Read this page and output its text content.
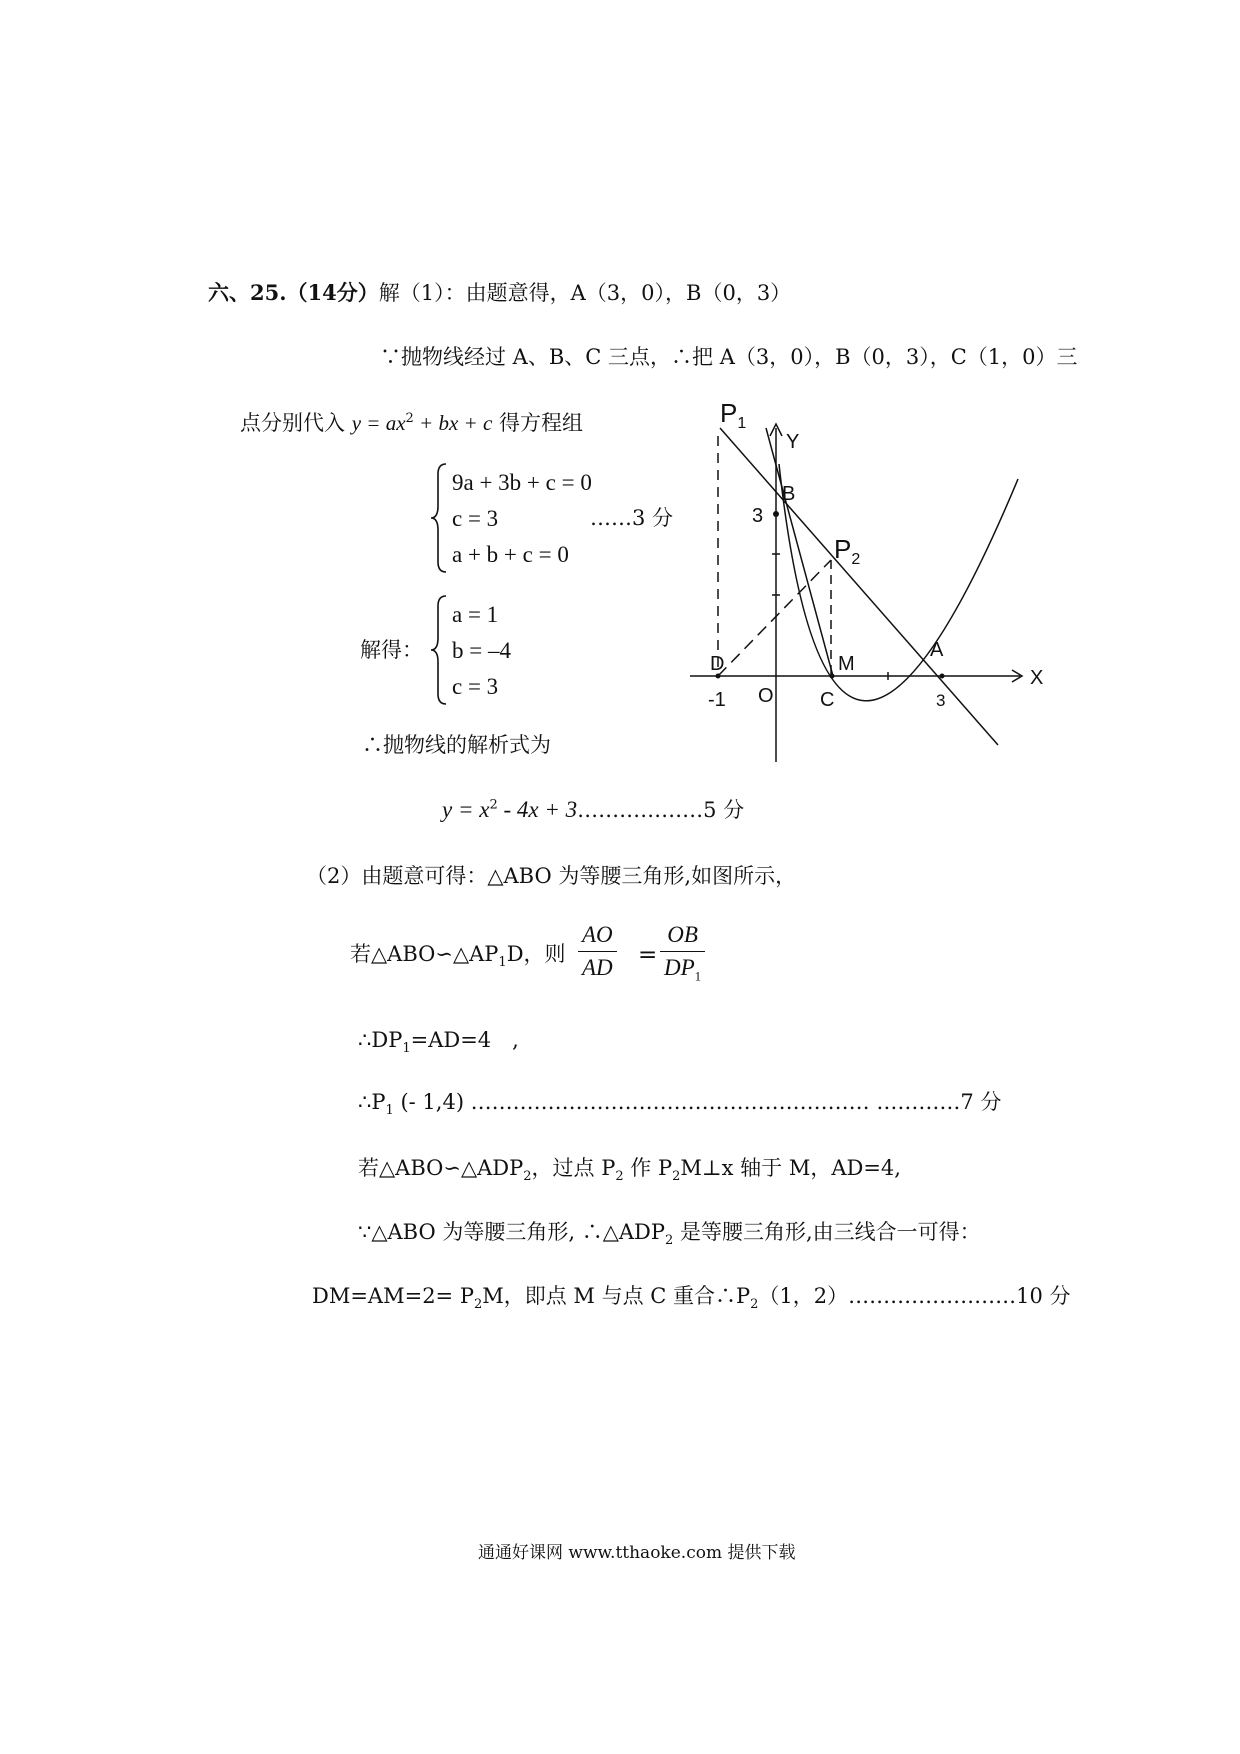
六、25.（14分）解（1）：由题意得，A（3，0），B（0，3）
∵抛物线经过 A、B、C 三点，∴把 A（3，0），B（0，3），C（1，0）三
点分别代入 $y = ax^2$ + bx + c 得方程组
9a + 3b + c = 0
c = 3
a + b + c = 0
……3 分
解得：
a = 1
b = –4
c = 3
∴抛物线的解析式为
$y = x^2 - 4x$ + 3………………5 分
（2）由题意可得：△ABO 为等腰三角形,如图所示，
若$\triangle ABO∽\triangle AP_1D$，则
AO
AD =
OB
$DP_1$
$\therefore DP_1=AD=4$　,
$\therefore P_1$ (- 1,4) ………………………………………………… …………7 分
若$\triangle ABO∽\triangle ADP_2$，过点 $P_2$ 作 $P_2M\perp x$ 轴于 M，AD=4,
∵△ABO 为等腰三角形, $\therefore\triangle ADP_2$ 是等腰三角形,由三线合一可得：
$DM=AM=2= P_2M$，即点 M 与点 C 重合$\therefore P_2(1$，2）……………………10 分
$P_1$
Y
B
3
$P_2$
A
X
M
D
O C
-1	3
通通好课网 www.tthaoke.com 提供下载
